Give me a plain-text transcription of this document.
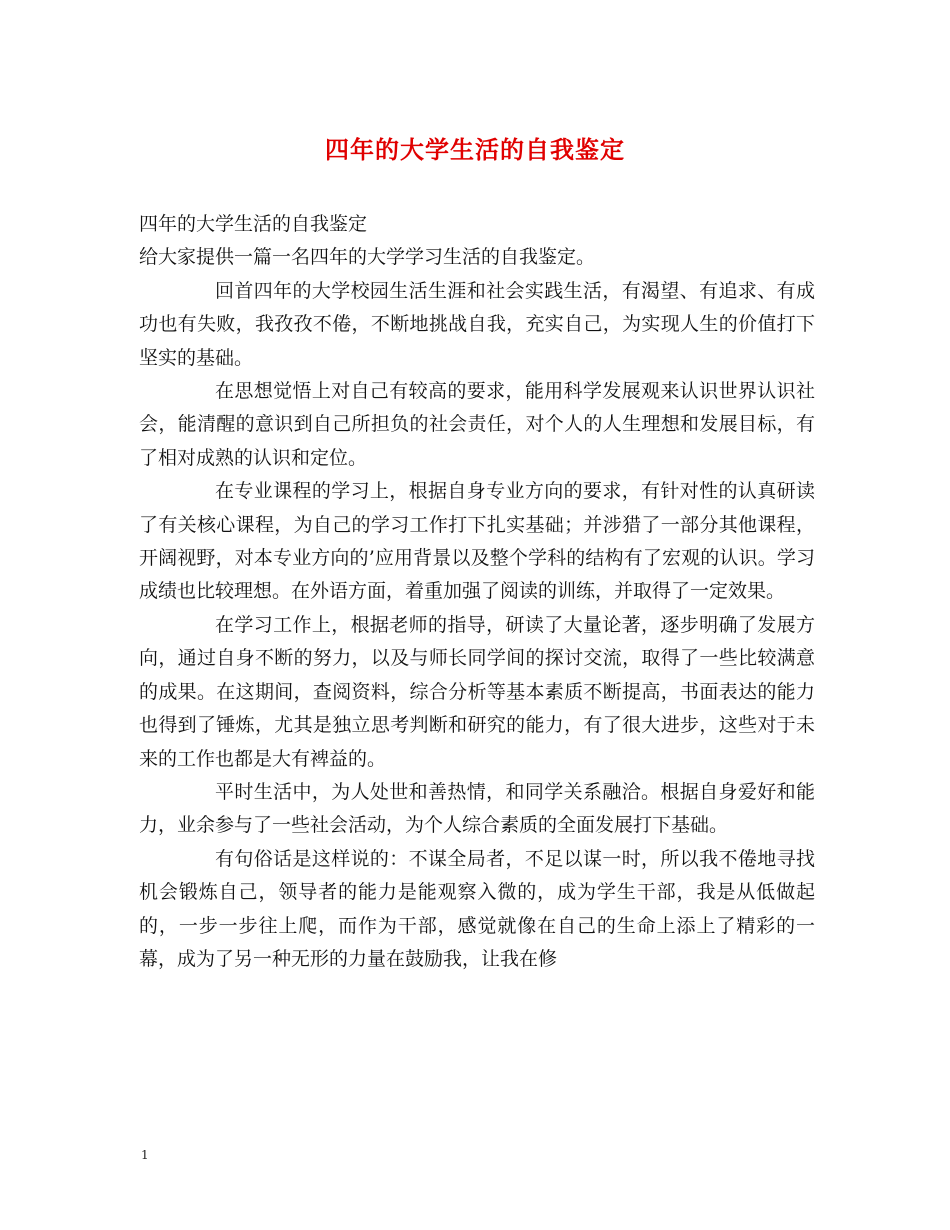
四年的大学生活的自我鉴定

四年的大学生活的自我鉴定

给大家提供一篇一名四年的大学学习生活的自我鉴定。

回首四年的大学校园生活生涯和社会实践生活，有渴望、有追求、有成功也有失败，我孜孜不倦，不断地挑战自我，充实自己，为实现人生的价值打下坚实的基础。

在思想觉悟上对自己有较高的要求，能用科学发展观来认识世界认识社会，能清醒的意识到自己所担负的社会责任，对个人的人生理想和发展目标，有了相对成熟的认识和定位。

在专业课程的学习上，根据自身专业方向的要求，有针对性的认真研读了有关核心课程，为自己的学习工作打下扎实基础；并涉猎了一部分其他课程，开阔视野，对本专业方向的’应用背景以及整个学科的结构有了宏观的认识。学习成绩也比较理想。在外语方面，着重加强了阅读的训练，并取得了一定效果。

在学习工作上，根据老师的指导，研读了大量论著，逐步明确了发展方向，通过自身不断的努力，以及与师长同学间的探讨交流，取得了一些比较满意的成果。在这期间，查阅资料，综合分析等基本素质不断提高，书面表达的能力也得到了锤炼，尤其是独立思考判断和研究的能力，有了很大进步，这些对于未来的工作也都是大有裨益的。

平时生活中，为人处世和善热情，和同学关系融洽。根据自身爱好和能力，业余参与了一些社会活动，为个人综合素质的全面发展打下基础。

有句俗话是这样说的：不谋全局者，不足以谋一时，所以我不倦地寻找机会锻炼自己，领导者的能力是能观察入微的，成为学生干部，我是从低做起的，一步一步往上爬，而作为干部，感觉就像在自己的生命上添上了精彩的一幕，成为了另一种无形的力量在鼓励我，让我在修

1
